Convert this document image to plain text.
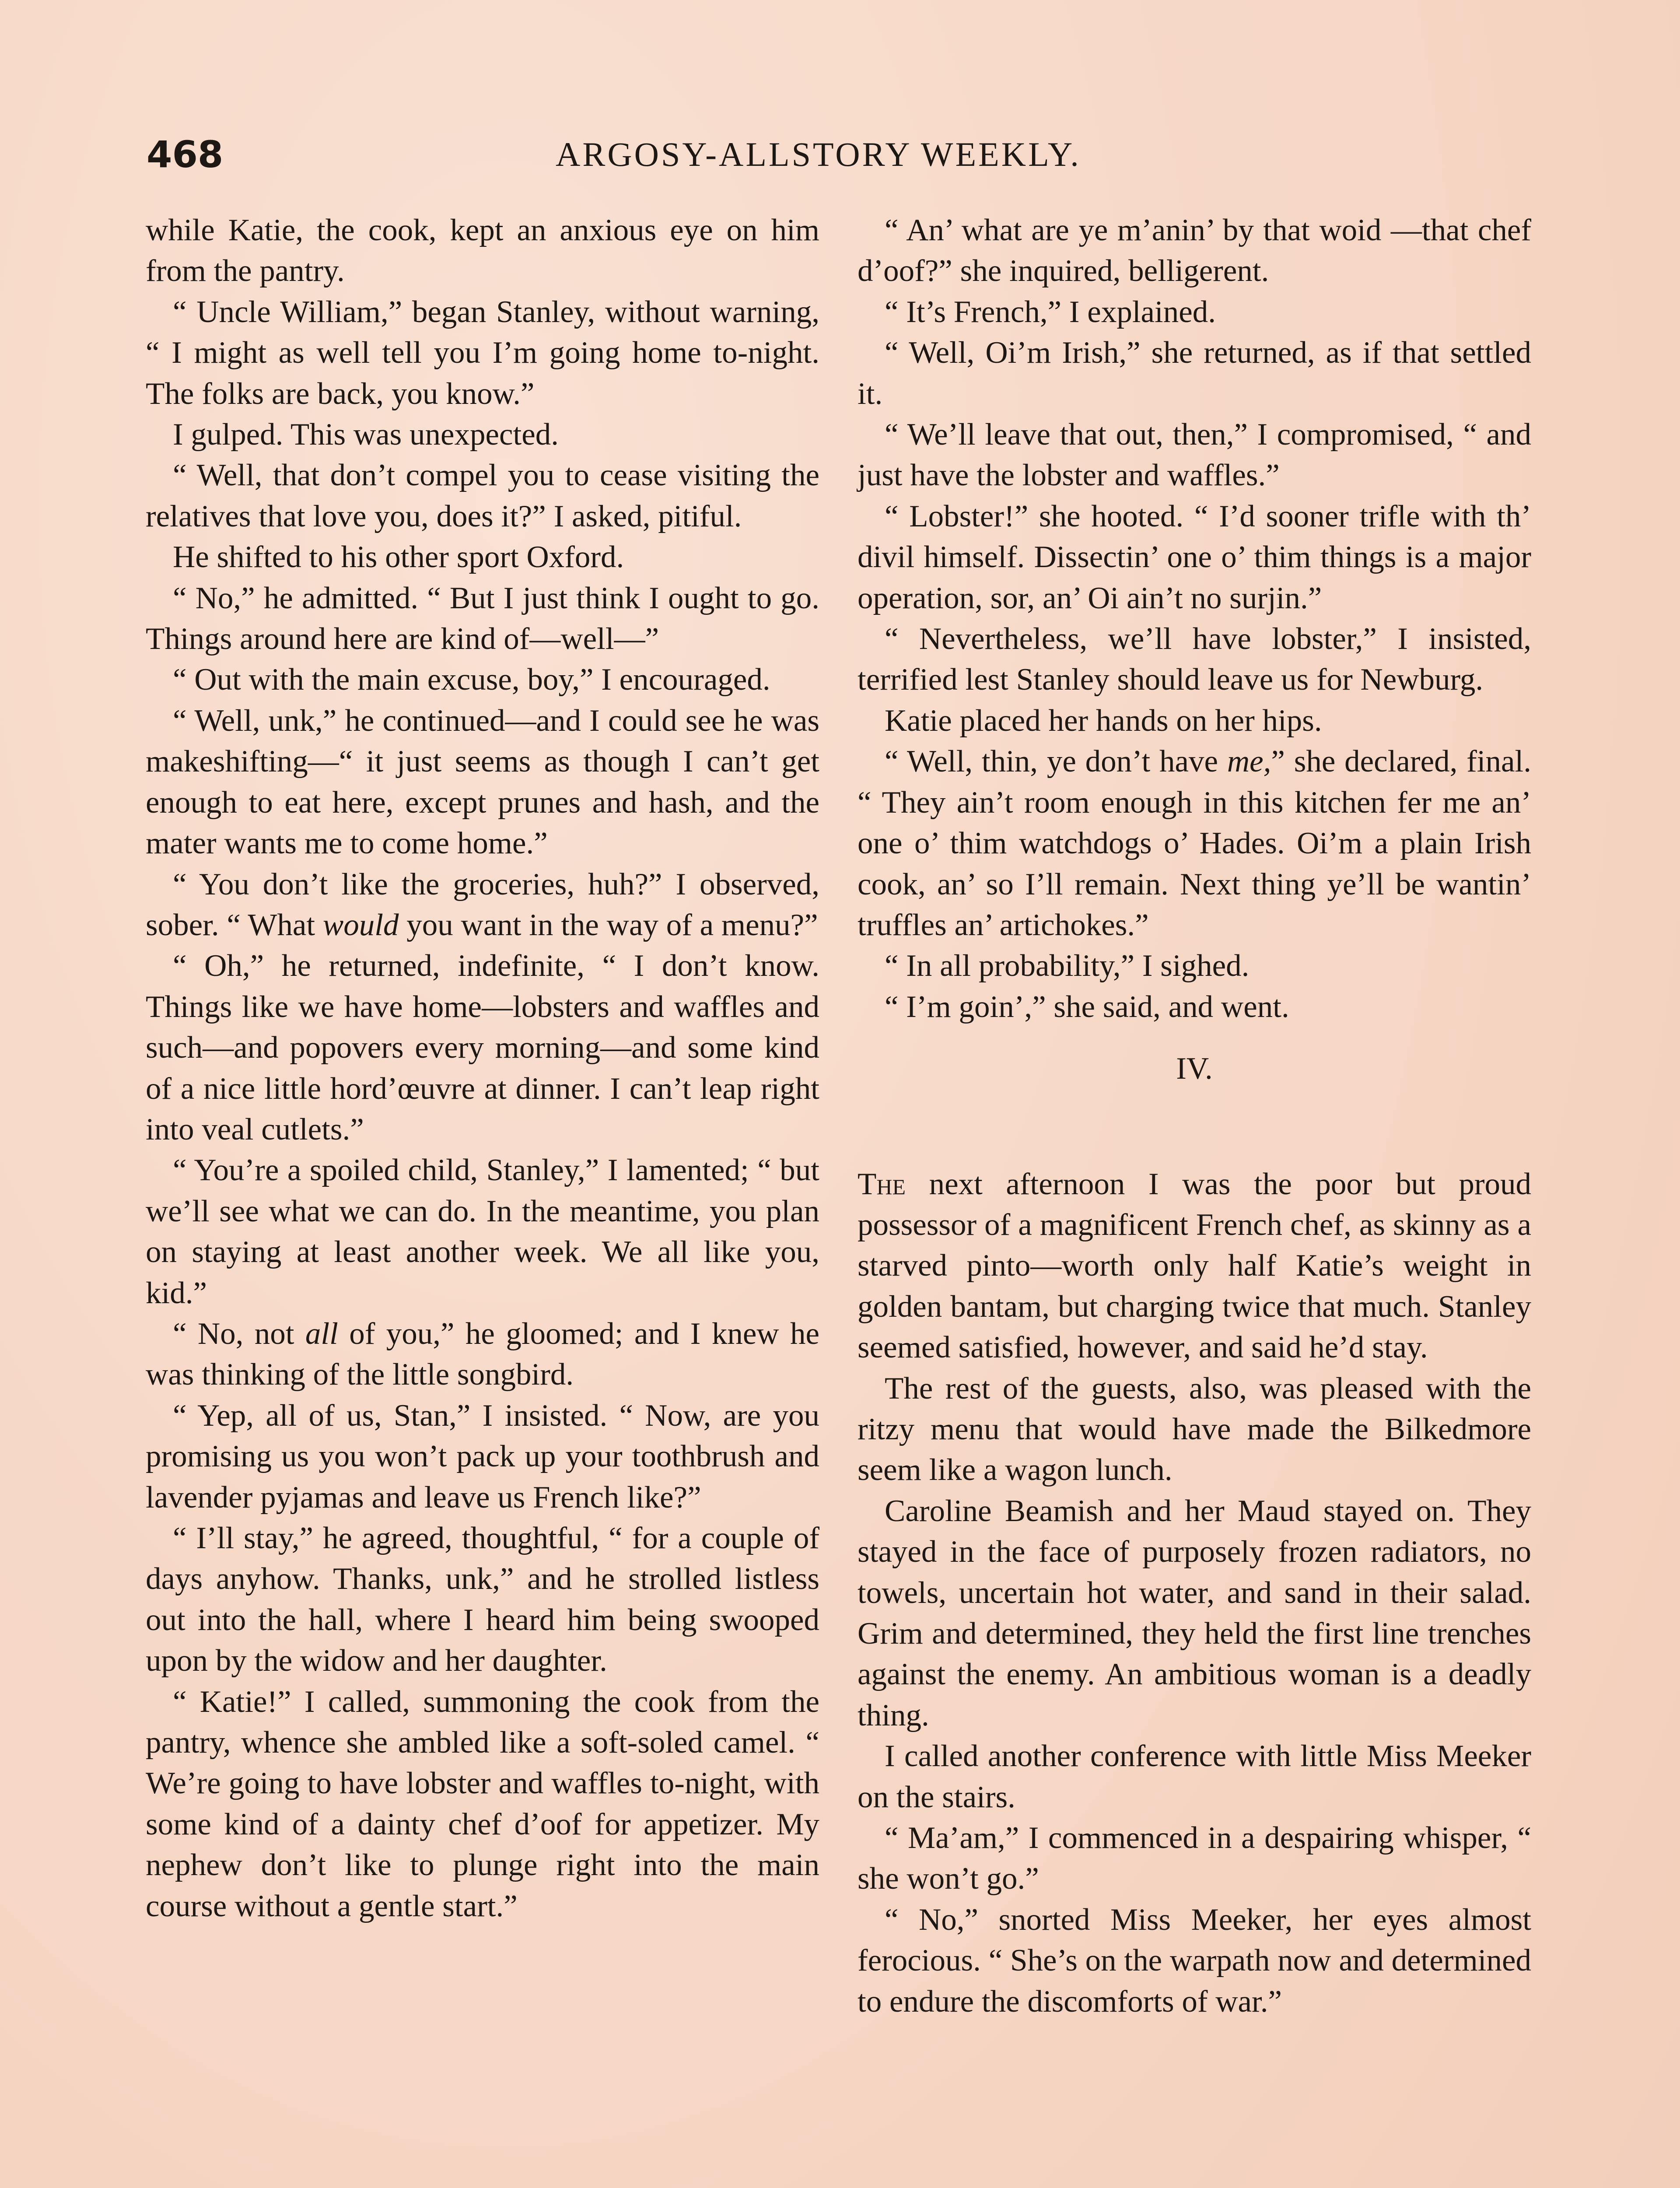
468	ARGOSY-ALLSTORY WEEKLY.

while Katie, the cook, kept an anxious eye on him from the pantry.

“ Uncle William,” began Stanley, without warning, “ I might as well tell you I’m going home to-night. The folks are back, you know.”

I gulped. This was unexpected.

“ Well, that don’t compel you to cease visiting the relatives that love you, does it?” I asked, pitiful.

He shifted to his other sport Oxford.

“ No,” he admitted. “ But I just think I ought to go. Things around here are kind of—well—”

“ Out with the main excuse, boy,” I encouraged.

“ Well, unk,” he continued—and I could see he was makeshifting—“ it just seems as though I can’t get enough to eat here, except prunes and hash, and the mater wants me to come home.”

“ You don’t like the groceries, huh?” I observed, sober. “ What would you want in the way of a menu?”

“ Oh,” he returned, indefinite, “ I don’t know. Things like we have home—lobsters and waffles and such—and popovers every morning—and some kind of a nice little hord’œuvre at dinner. I can’t leap right into veal cutlets.”

“ You’re a spoiled child, Stanley,” I lamented; “ but we’ll see what we can do. In the meantime, you plan on staying at least another week. We all like you, kid.”

“ No, not all of you,” he gloomed; and I knew he was thinking of the little songbird.

“ Yep, all of us, Stan,” I insisted. “ Now, are you promising us you won’t pack up your toothbrush and lavender pyjamas and leave us French like?”

“ I’ll stay,” he agreed, thoughtful, “ for a couple of days anyhow. Thanks, unk,” and he strolled listless out into the hall, where I heard him being swooped upon by the widow and her daughter.

“ Katie!” I called, summoning the cook from the pantry, whence she ambled like a soft-soled camel. “ We’re going to have lobster and waffles to-night, with some kind of a dainty chef d’oof for appetizer. My nephew don’t like to plunge right into the main course without a gentle start.”

“ An’ what are ye m’anin’ by that woid —that chef d’oof?” she inquired, belligerent.

“ It’s French,” I explained.

“ Well, Oi’m Irish,” she returned, as if that settled it.

“ We’ll leave that out, then,” I compromised, “ and just have the lobster and waffles.”

“ Lobster!” she hooted. “ I’d sooner trifle with th’ divil himself. Dissectin’ one o’ thim things is a major operation, sor, an’ Oi ain’t no surjin.”

“ Nevertheless, we’ll have lobster,” I insisted, terrified lest Stanley should leave us for Newburg.

Katie placed her hands on her hips.

“ Well, thin, ye don’t have me,” she declared, final. “ They ain’t room enough in this kitchen fer me an’ one o’ thim watchdogs o’ Hades. Oi’m a plain Irish cook, an’ so I’ll remain. Next thing ye’ll be wantin’ truffles an’ artichokes.”

“ In all probability,” I sighed.

“ I’m goin’,” she said, and went.

IV.

The next afternoon I was the poor but proud possessor of a magnificent French chef, as skinny as a starved pinto—worth only half Katie’s weight in golden bantam, but charging twice that much. Stanley seemed satisfied, however, and said he’d stay.

The rest of the guests, also, was pleased with the ritzy menu that would have made the Bilkedmore seem like a wagon lunch.

Caroline Beamish and her Maud stayed on. They stayed in the face of purposely frozen radiators, no towels, uncertain hot water, and sand in their salad. Grim and determined, they held the first line trenches against the enemy. An ambitious woman is a deadly thing.

I called another conference with little Miss Meeker on the stairs.

“ Ma’am,” I commenced in a despairing whisper, “ she won’t go.”

“ No,” snorted Miss Meeker, her eyes almost ferocious. “ She’s on the warpath now and determined to endure the discomforts of war.”
